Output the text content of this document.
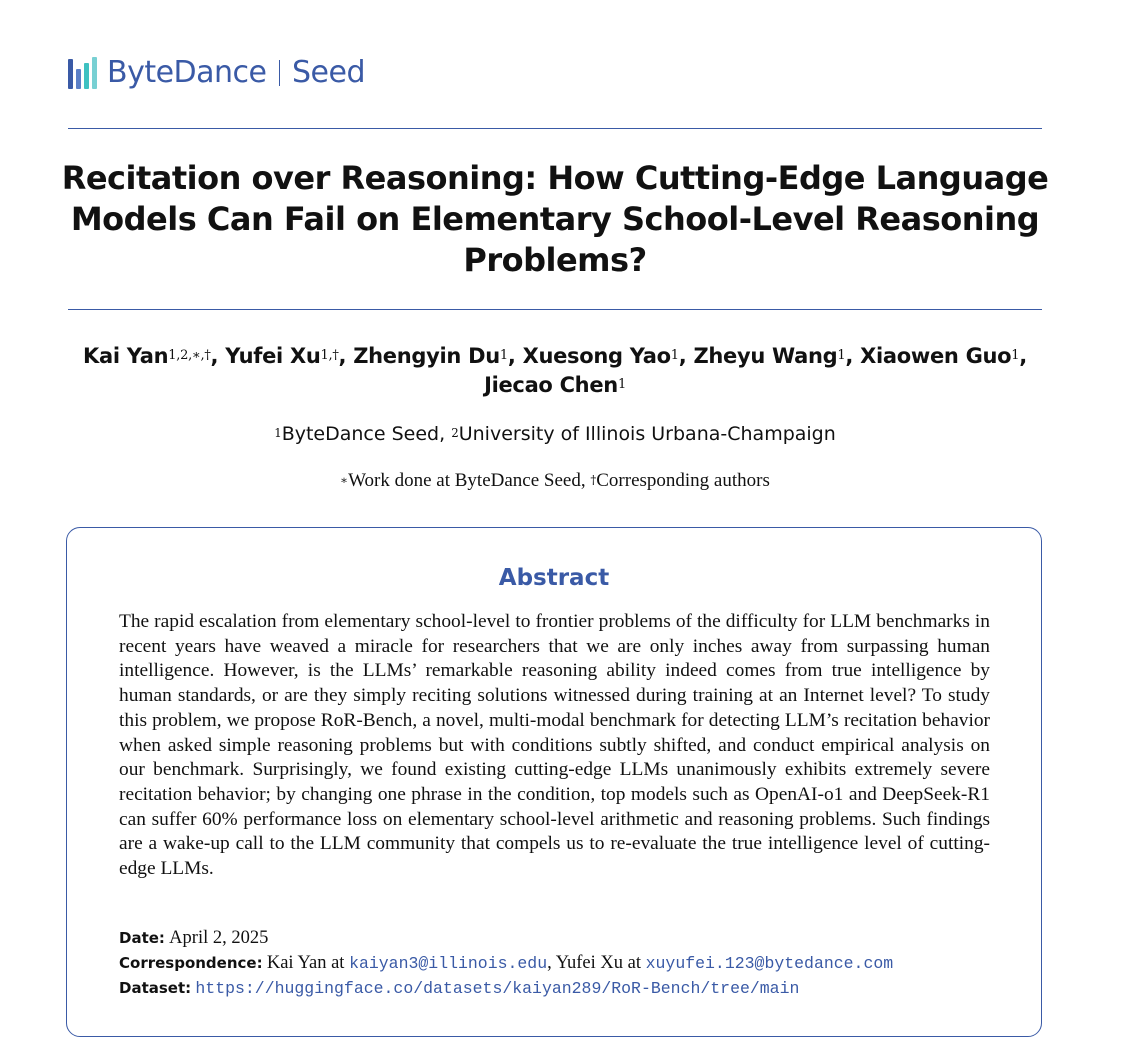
ByteDance Seed
Recitation over Reasoning: How Cutting-Edge Language Models Can Fail on Elementary School-Level Reasoning Problems?
Kai Yan$^{1,2,∗,\dagger}$, Yufei $Xu^{1,\dagger}$, Zhengyin Du$^1$, Xuesong Yao$^1$, Zheyu Wang$^1$, Xiaowen Guo$^1$, Jiecao Chen$^1$
$^1$ByteDance Seed, $^2$University of Illinois Urbana-Champaign
∗Work done at ByteDance Seed, †Corresponding authors
Abstract

The rapid escalation from elementary school-level to frontier problems of the difficulty for LLM benchmarks in recent years have weaved a miracle for researchers that we are only inches away from surpassing human intelligence. However, is the LLMs’ remarkable reasoning ability indeed comes from true intelligence by human standards, or are they simply reciting solutions witnessed during training at an Internet level? To study this problem, we propose RoR-Bench, a novel, multi-modal benchmark for detecting LLM’s recitation behavior when asked simple reasoning problems but with conditions subtly shifted, and conduct empirical analysis on our benchmark. Surprisingly, we found existing cutting-edge LLMs unanimously exhibits extremely severe recitation behavior; by changing one phrase in the condition, top models such as OpenAI-o1 and DeepSeek-R1 can suffer 60% performance loss on elementary school-level arithmetic and reasoning problems. Such findings are a wake-up call to the LLM community that compels us to re-evaluate the true intelligence level of cutting-edge LLMs.

Date: April 2, 2025
Correspondence: Kai Yan at kaiyan3@illinois.edu, Yufei Xu at xuyufei.123@bytedance.com
Dataset: https://huggingface.co/datasets/kaiyan289/RoR-Bench/tree/main
